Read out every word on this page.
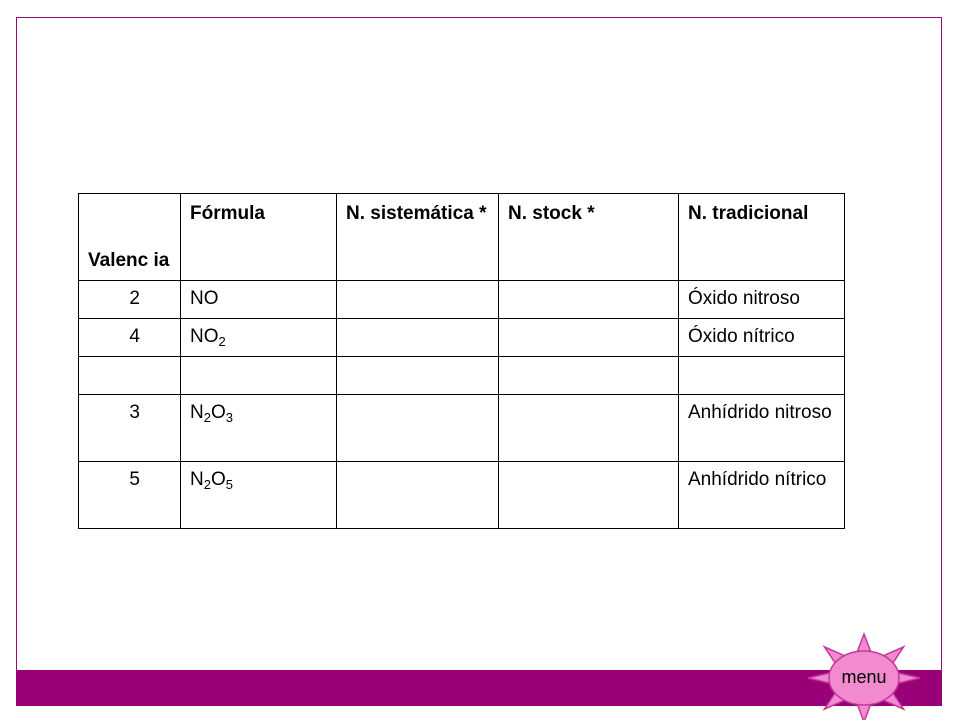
Valenc ia	Fórmula	N. sistemática *	N. stock *	N. tradicional
2	NO			Óxido nitroso
4	$NO_2$			Óxido nítrico

3	$N_2O_3$			Anhídrido nitroso
5	$N_2O_5$			Anhídrido nítrico
menu
